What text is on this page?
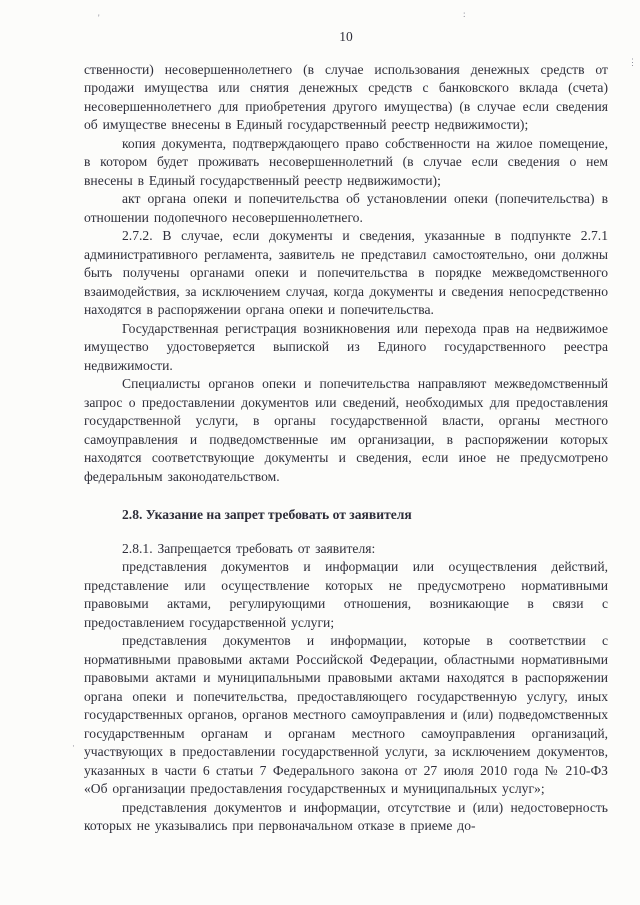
'	:
⋮
·
10

ственности) несовершеннолетнего (в случае использования денежных средств от продажи имущества или снятия денежных средств с банковского вклада (счета) несовершеннолетнего для приобретения другого имущества) (в случае если сведения об имуществе внесены в Единый государственный реестр недвижимости);

копия документа, подтверждающего право собственности на жилое помещение, в котором будет проживать несовершеннолетний (в случае если сведения о нем внесены в Единый государственный реестр недвижимости);

акт органа опеки и попечительства об установлении опеки (попечительства) в отношении подопечного несовершеннолетнего.

2.7.2. В случае, если документы и сведения, указанные в подпункте 2.7.1 административного регламента, заявитель не представил самостоятельно, они должны быть получены органами опеки и попечительства в порядке межведомственного взаимодействия, за исключением случая, когда документы и сведения непосредственно находятся в распоряжении органа опеки и попечительства.

Государственная регистрация возникновения или перехода прав на недвижимое имущество удостоверяется выпиской из Единого государственного реестра недвижимости.

Специалисты органов опеки и попечительства направляют межведомственный запрос о предоставлении документов или сведений, необходимых для предоставления государственной услуги, в органы государственной власти, органы местного самоуправления и подведомственные им организации, в распоряжении которых находятся соответствующие документы и сведения, если иное не предусмотрено федеральным законодательством.

2.8. Указание на запрет требовать от заявителя

2.8.1. Запрещается требовать от заявителя:

представления документов и информации или осуществления действий, представление или осуществление которых не предусмотрено нормативными правовыми актами, регулирующими отношения, возникающие в связи с предоставлением государственной услуги;

представления документов и информации, которые в соответствии с нормативными правовыми актами Российской Федерации, областными нормативными правовыми актами и муниципальными правовыми актами находятся в распоряжении органа опеки и попечительства, предоставляющего государственную услугу, иных государственных органов, органов местного самоуправления и (или) подведомственных государственным органам и органам местного самоуправления организаций, участвующих в предоставлении государственной услуги, за исключением документов, указанных в части 6 статьи 7 Федерального закона от 27 июля 2010 года № 210-ФЗ «Об организации предоставления государственных и муниципальных услуг»;

представления документов и информации, отсутствие и (или) недостоверность которых не указывались при первоначальном отказе в приеме до-
